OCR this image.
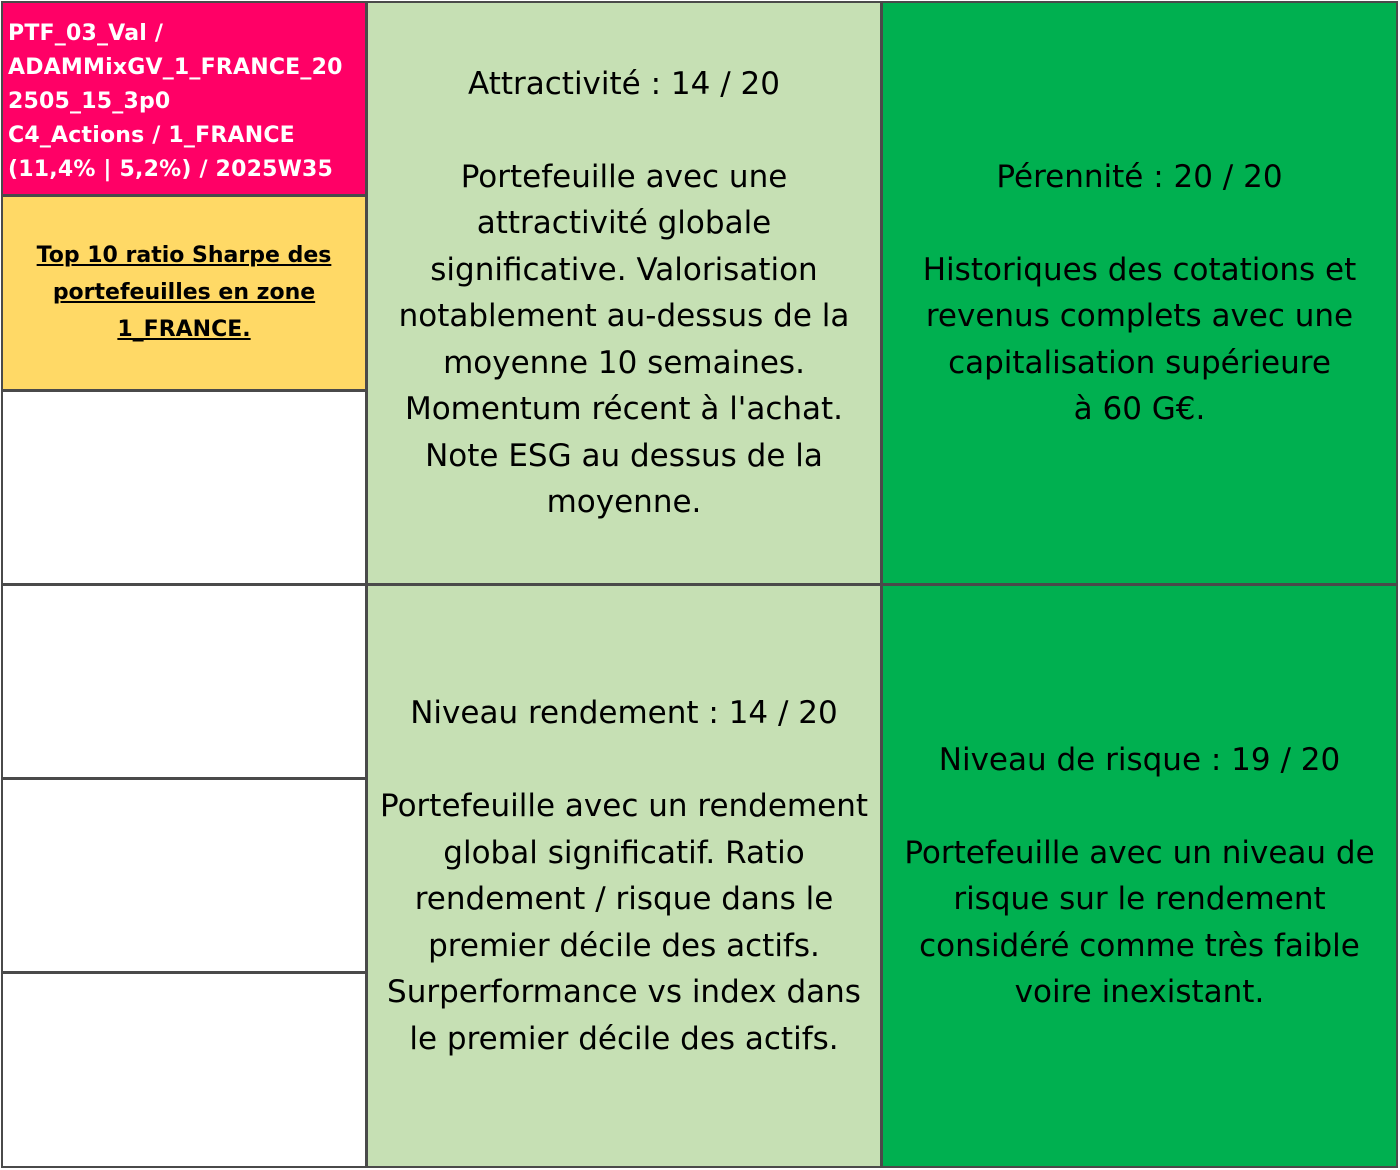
PTF_03_Val /
ADAMMixGV_1_FRANCE_20
2505_15_3p0
C4_Actions / 1_FRANCE
(11,4% | 5,2%) / 2025W35
Top 10 ratio Sharpe des portefeuilles en zone 1_FRANCE.
Attractivité : 14 / 20
Portefeuille avec une
attractivité globale
significative. Valorisation
notablement au-dessus de la
moyenne 10 semaines.
Momentum récent à l'achat.
Note ESG au dessus de la
moyenne.
Pérennité : 20 / 20
Historiques des cotations et
revenus complets avec une
capitalisation supérieure
à 60 G€.
Niveau rendement : 14 / 20
Portefeuille avec un rendement
global significatif. Ratio
rendement / risque dans le
premier décile des actifs.
Surperformance vs index dans
le premier décile des actifs.
Niveau de risque : 19 / 20
Portefeuille avec un niveau de
risque sur le rendement
considéré comme très faible
voire inexistant.
